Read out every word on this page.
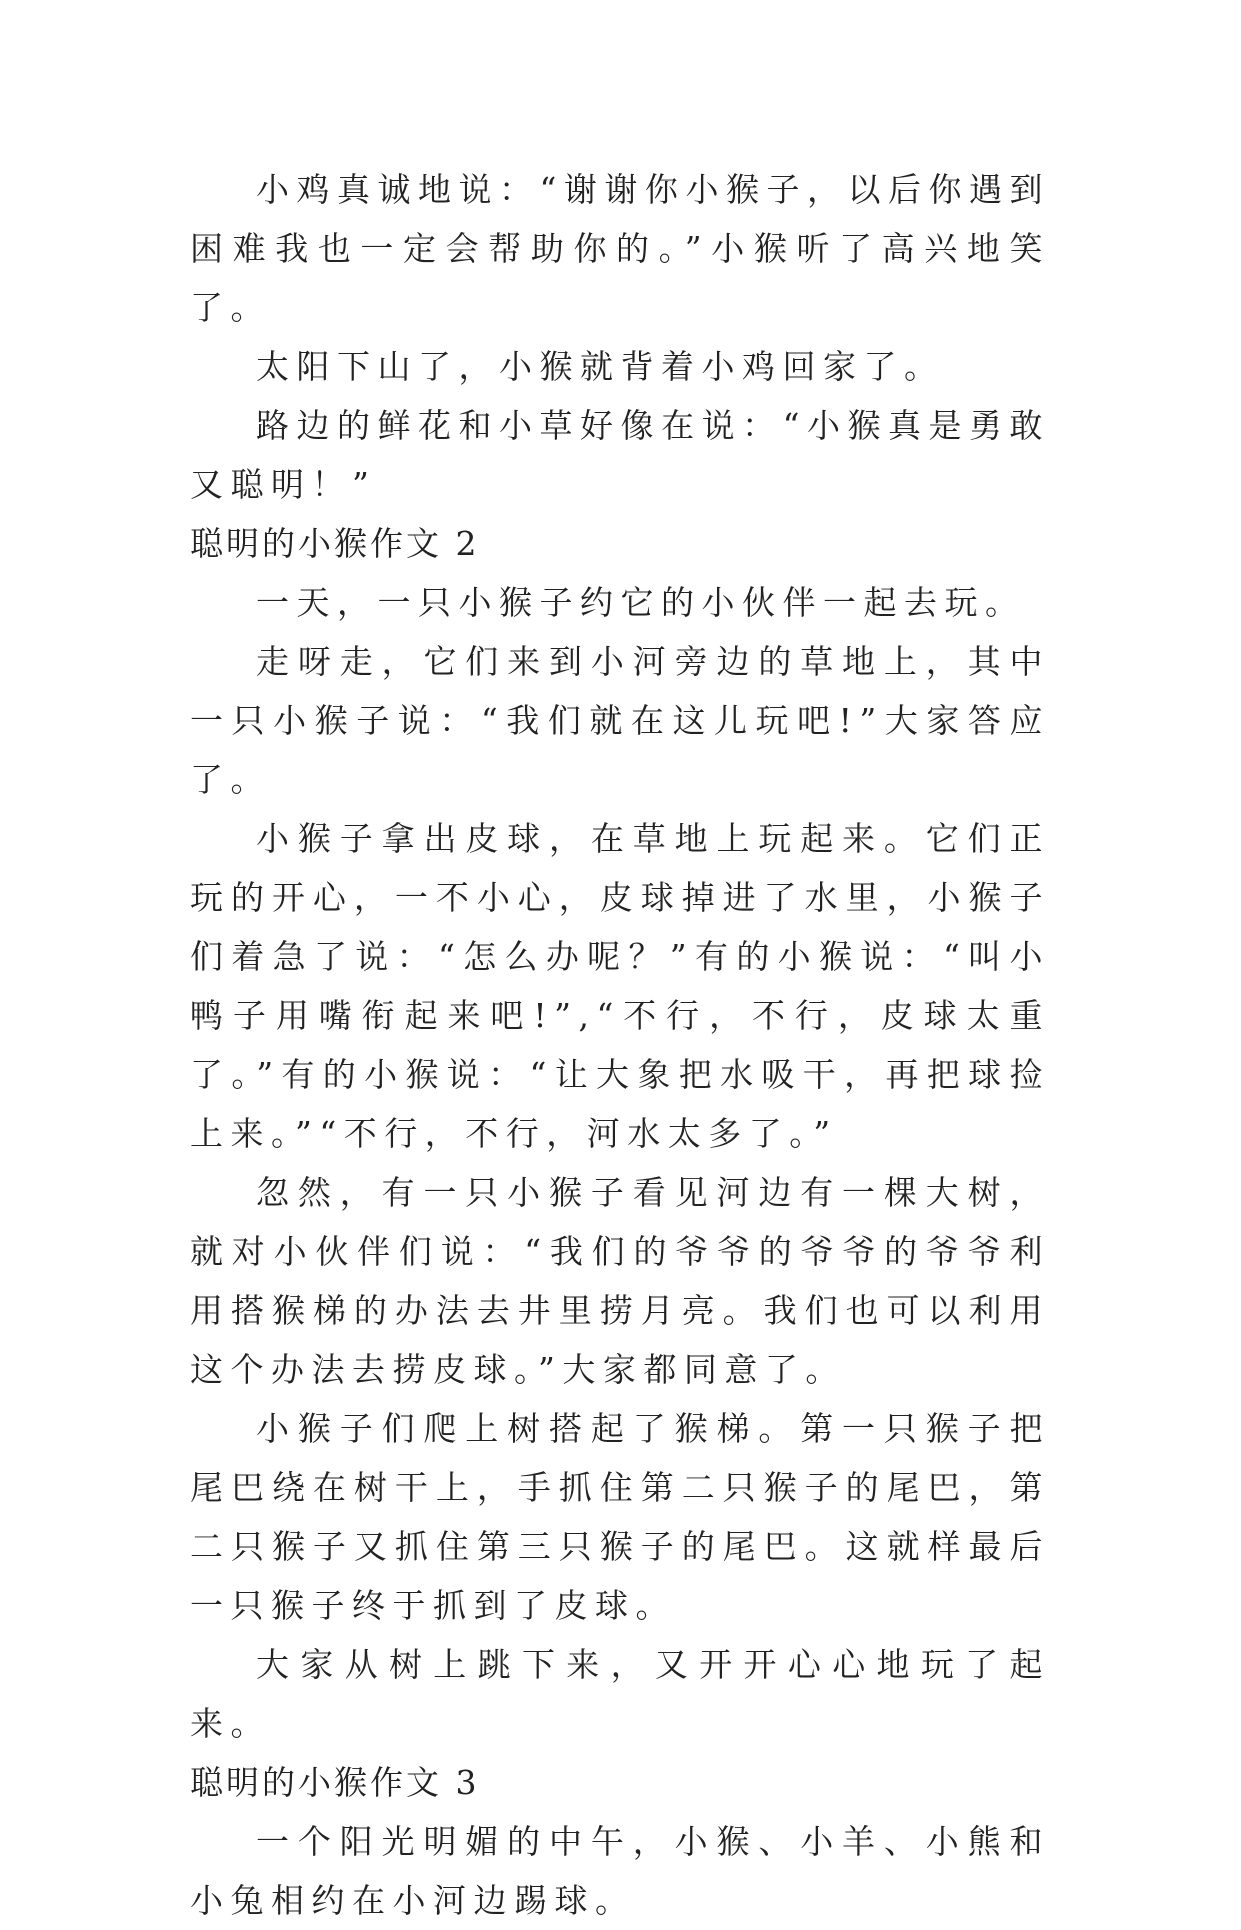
小鸡真诚地说：“谢谢你小猴子，以后你遇到困难我也一定会帮助你的。”小猴听了高兴地笑了。

太阳下山了，小猴就背着小鸡回家了。

路边的鲜花和小草好像在说：“小猴真是勇敢又聪明！”

聪明的小猴作文 2

一天，一只小猴子约它的小伙伴一起去玩。

走呀走，它们来到小河旁边的草地上，其中一只小猴子说：“我们就在这儿玩吧!”大家答应了。

小猴子拿出皮球，在草地上玩起来。它们正玩的开心，一不小心，皮球掉进了水里，小猴子们着急了说：“怎么办呢？”有的小猴说：“叫小鸭子用嘴衔起来吧!”,“不行，不行，皮球太重了。”有的小猴说：“让大象把水吸干，再把球捡上来。”“不行，不行，河水太多了。”

忽然，有一只小猴子看见河边有一棵大树，就对小伙伴们说：“我们的爷爷的爷爷的爷爷利用搭猴梯的办法去井里捞月亮。我们也可以利用这个办法去捞皮球。”大家都同意了。

小猴子们爬上树搭起了猴梯。第一只猴子把尾巴绕在树干上，手抓住第二只猴子的尾巴，第二只猴子又抓住第三只猴子的尾巴。这就样最后一只猴子终于抓到了皮球。

大家从树上跳下来，又开开心心地玩了起来。

聪明的小猴作文 3

一个阳光明媚的中午，小猴、小羊、小熊和小兔相约在小河边踢球。
